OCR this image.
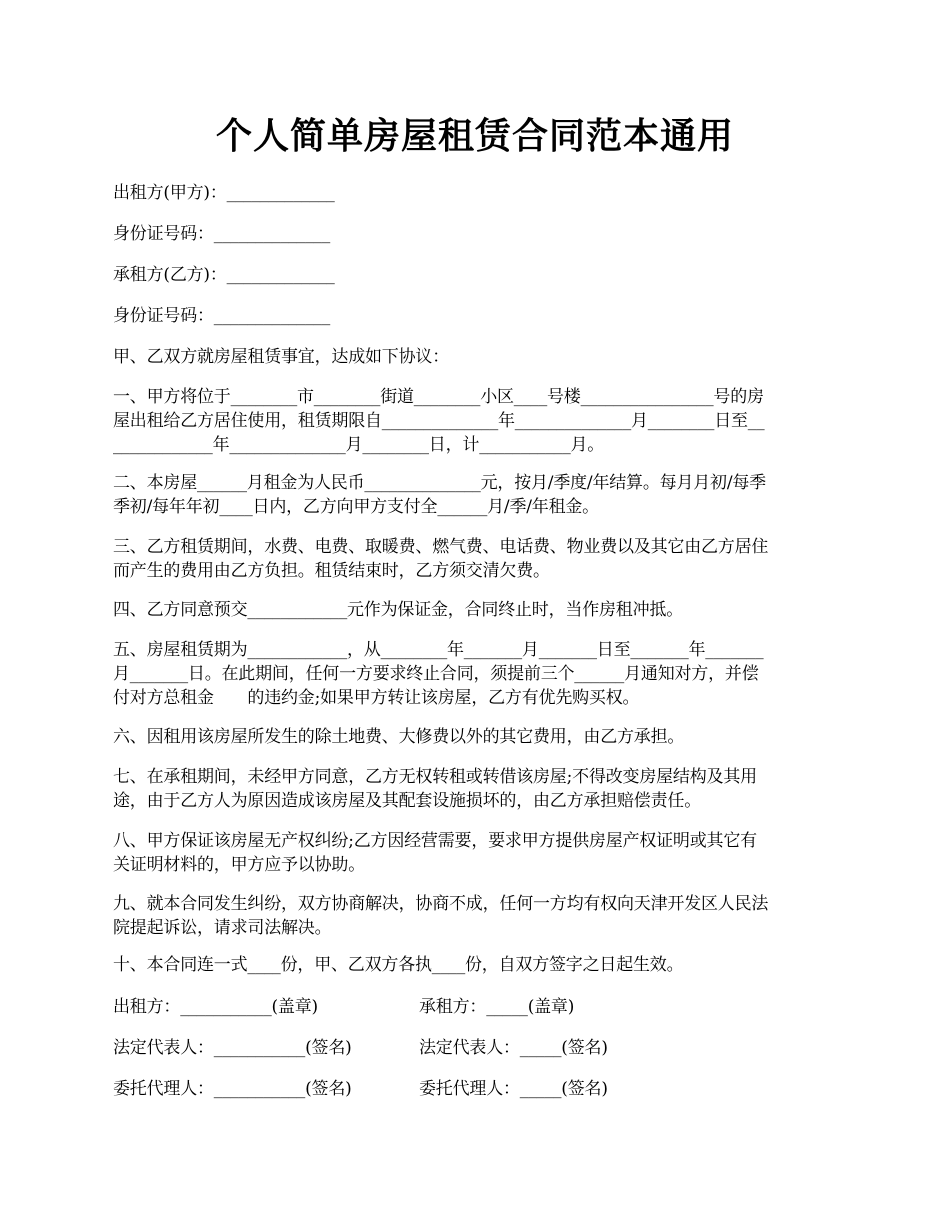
个人简单房屋租赁合同范本通用
出租方(甲方)：_____________
身份证号码：______________
承租方(乙方)：_____________
身份证号码：______________
甲、乙双方就房屋租赁事宜，达成如下协议：
一、甲方将位于________市________街道________小区____号楼________________号的房
屋出租给乙方居住使用，租赁期限自______________年______________月________日至__
____________年______________月________日，计___________月。
二、本房屋______月租金为人民币______________元，按月/季度/年结算。每月月初/每季
季初/每年年初____日内，乙方向甲方支付全______月/季/年租金。
三、乙方租赁期间，水费、电费、取暖费、燃气费、电话费、物业费以及其它由乙方居住
而产生的费用由乙方负担。租赁结束时，乙方须交清欠费。
四、乙方同意预交____________元作为保证金，合同终止时，当作房租冲抵。
五、房屋租赁期为____________，从________年_______月_______日至_______年_______
月_______日。在此期间，任何一方要求终止合同，须提前三个______月通知对方，并偿
付对方总租金　　的违约金;如果甲方转让该房屋，乙方有优先购买权。
六、因租用该房屋所发生的除土地费、大修费以外的其它费用，由乙方承担。
七、在承租期间，未经甲方同意，乙方无权转租或转借该房屋;不得改变房屋结构及其用
途，由于乙方人为原因造成该房屋及其配套设施损坏的，由乙方承担赔偿责任。
八、甲方保证该房屋无产权纠纷;乙方因经营需要，要求甲方提供房屋产权证明或其它有
关证明材料的，甲方应予以协助。
九、就本合同发生纠纷，双方协商解决，协商不成，任何一方均有权向天津开发区人民法
院提起诉讼，请求司法解决。
十、本合同连一式____份，甲、乙双方各执____份，自双方签字之日起生效。
出租方：___________(盖章)	承租方：_____(盖章)
法定代表人：___________(签名)	法定代表人：_____(签名)
委托代理人：___________(签名)	委托代理人：_____(签名)
